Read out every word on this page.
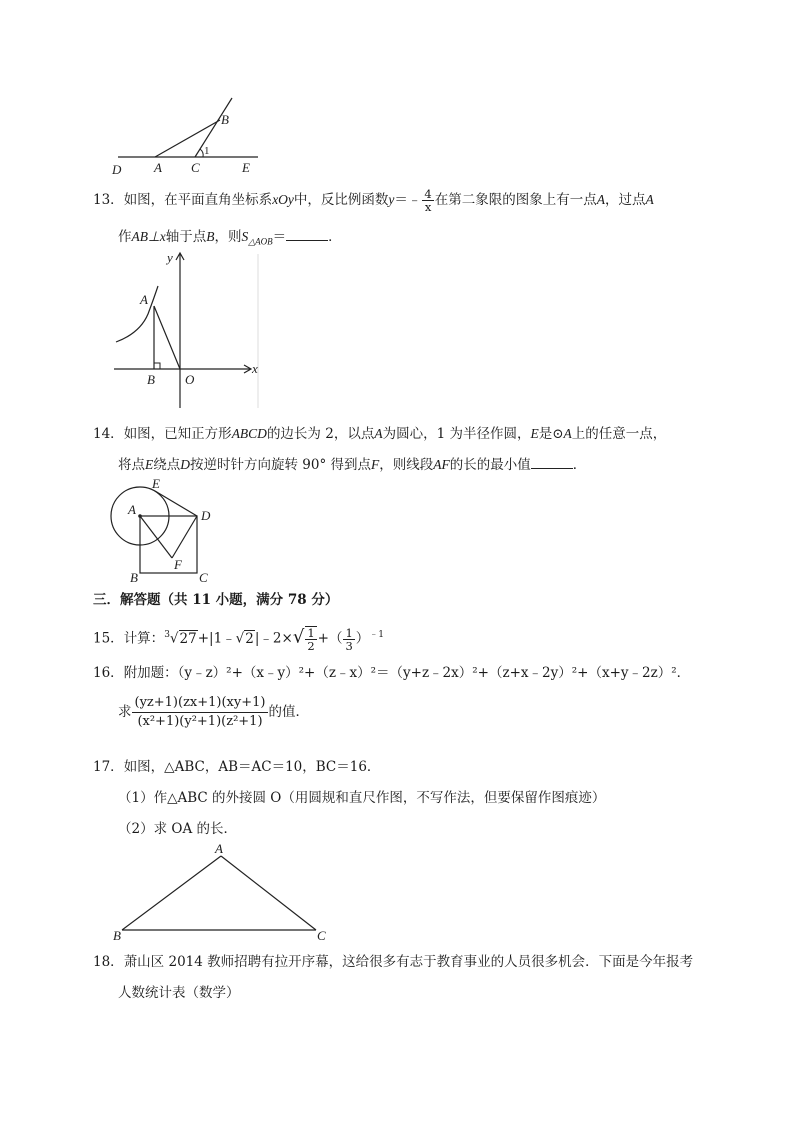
D	A C	E
B
1
13．如图，在平面直角坐标系xOy中，反比例函数y＝﹣ $\frac{4}{x}$ 在第二象限的图象上有一点A，过点A
作AB⊥x轴于点B，则$S_{\triangle AOB}=$	．
y
A
B O
x
14．如图，已知正方形ABCD的边长为 2，以点A为圆心，1 为半径作圆，E是⊙A上的任意一点，
将点E绕点D按逆时针方向旋转 90° 得到点F，则线段AF的长的最小值	．
E
A	D
F
B	C
三．解答题（共 11 小题，满分 78 分）
15．计算：$^3$√27+|1﹣√2|﹣2×√ $\frac{1}{2}$ +（ $\frac{1}{3} )^{﹣1}$
16．附加题：（y﹣z）²+（x﹣y）²+（z﹣x）²＝（y+z﹣2x）²+（z+x﹣2y）²+（x+y﹣2z）²．
求 $\frac{(yz+1)(zx+1)(xy+1)}{\text{(x²+1)(y²+1)(z²+1)}}$ 的值．
17．如图，△ABC，AB＝AC＝10，BC＝16．
（1）作△ABC 的外接圆 O（用圆规和直尺作图，不写作法，但要保留作图痕迹）
（2）求 OA 的长．
A
B	C
18．萧山区 2014 教师招聘有拉开序幕，这给很多有志于教育事业的人员很多机会．下面是今年报考
人数统计表（数学）
